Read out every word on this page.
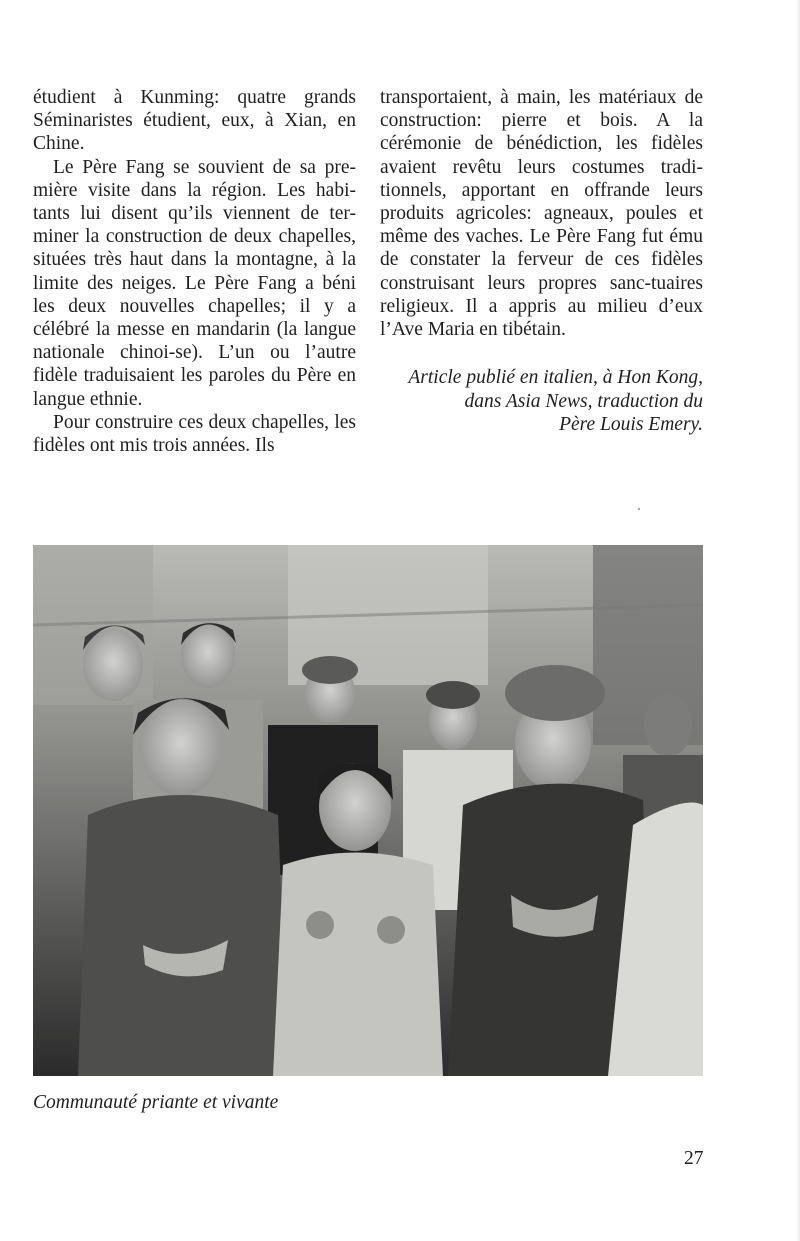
étudient à Kunming: quatre grands Séminaristes étudient, eux, à Xian, en Chine.

Le Père Fang se souvient de sa pre-mière visite dans la région. Les habi-tants lui disent qu’ils viennent de ter-miner la construction de deux chapelles, situées très haut dans la montagne, à la limite des neiges. Le Père Fang a béni les deux nouvelles chapelles; il y a célébré la messe en mandarin (la langue nationale chinoi-se). L’un ou l’autre fidèle traduisaient les paroles du Père en langue ethnie.

Pour construire ces deux chapelles, les fidèles ont mis trois années. Ils

transportaient, à main, les matériaux de construction: pierre et bois. A la cérémonie de bénédiction, les fidèles avaient revêtu leurs costumes tradi-tionnels, apportant en offrande leurs produits agricoles: agneaux, poules et même des vaches. Le Père Fang fut ému de constater la ferveur de ces fidèles construisant leurs propres sanc-tuaires religieux. Il a appris au milieu d’eux l’Ave Maria en tibétain.

Article publié en italien, à Hon Kong,
dans Asia News, traduction du
Père Louis Emery.

Communauté priante et vivante
27
